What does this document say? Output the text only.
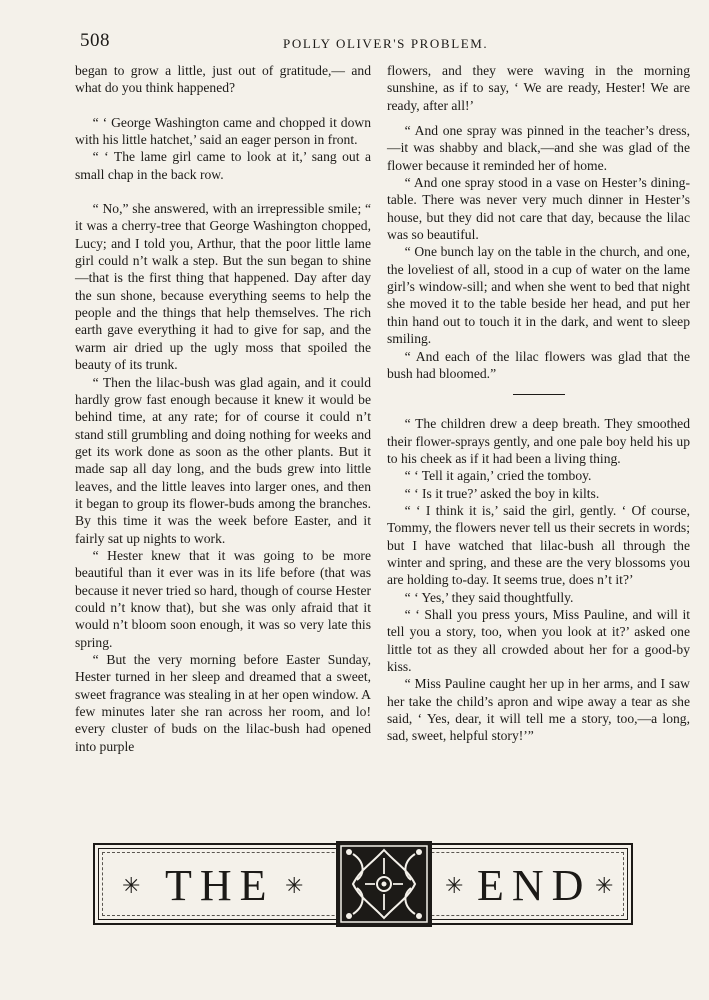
508	POLLY OLIVER'S PROBLEM.

began to grow a little, just out of gratitude,— and what do you think happened?

“ ‘ George Washington came and chopped it down with his little hatchet,’ said an eager person in front.

“ ‘ The lame girl came to look at it,’ sang out a small chap in the back row.

“ No,” she answered, with an irrepressible smile; “ it was a cherry-tree that George Washington chopped, Lucy; and I told you, Arthur, that the poor little lame girl could n’t walk a step. But the sun began to shine—that is the first thing that happened. Day after day the sun shone, because everything seems to help the people and the things that help themselves. The rich earth gave everything it had to give for sap, and the warm air dried up the ugly moss that spoiled the beauty of its trunk.

“ Then the lilac-bush was glad again, and it could hardly grow fast enough because it knew it would be behind time, at any rate; for of course it could n’t stand still grumbling and doing nothing for weeks and get its work done as soon as the other plants. But it made sap all day long, and the buds grew into little leaves, and the little leaves into larger ones, and then it began to group its flower-buds among the branches. By this time it was the week before Easter, and it fairly sat up nights to work.

“ Hester knew that it was going to be more beautiful than it ever was in its life before (that was because it never tried so hard, though of course Hester could n’t know that), but she was only afraid that it would n’t bloom soon enough, it was so very late this spring.

“ But the very morning before Easter Sunday, Hester turned in her sleep and dreamed that a sweet, sweet fragrance was stealing in at her open window. A few minutes later she ran across her room, and lo! every cluster of buds on the lilac-bush had opened into purple

flowers, and they were waving in the morning sunshine, as if to say, ‘ We are ready, Hester! We are ready, after all!’

“ And one spray was pinned in the teacher’s dress,—it was shabby and black,—and she was glad of the flower because it reminded her of home.

“ And one spray stood in a vase on Hester’s dining-table. There was never very much dinner in Hester’s house, but they did not care that day, because the lilac was so beautiful.

“ One bunch lay on the table in the church, and one, the loveliest of all, stood in a cup of water on the lame girl’s window-sill; and when she went to bed that night she moved it to the table beside her head, and put her thin hand out to touch it in the dark, and went to sleep smiling.

“ And each of the lilac flowers was glad that the bush had bloomed.”

“ The children drew a deep breath. They smoothed their flower-sprays gently, and one pale boy held his up to his cheek as if it had been a living thing.

“ ‘ Tell it again,’ cried the tomboy.

“ ‘ Is it true?’ asked the boy in kilts.

“ ‘ I think it is,’ said the girl, gently. ‘ Of course, Tommy, the flowers never tell us their secrets in words; but I have watched that lilac-bush all through the winter and spring, and these are the very blossoms you are holding to-day. It seems true, does n’t it?’

“ ‘ Yes,’ they said thoughtfully.

“ ‘ Shall you press yours, Miss Pauline, and will it tell you a story, too, when you look at it?’ asked one little tot as they all crowded about her for a good-by kiss.

“ Miss Pauline caught her up in her arms, and I saw her take the child’s apron and wipe away a tear as she said, ‘ Yes, dear, it will tell me a story, too,—a long, sad, sweet, helpful story!’”

✳ THE ✳	✳ END ✳
